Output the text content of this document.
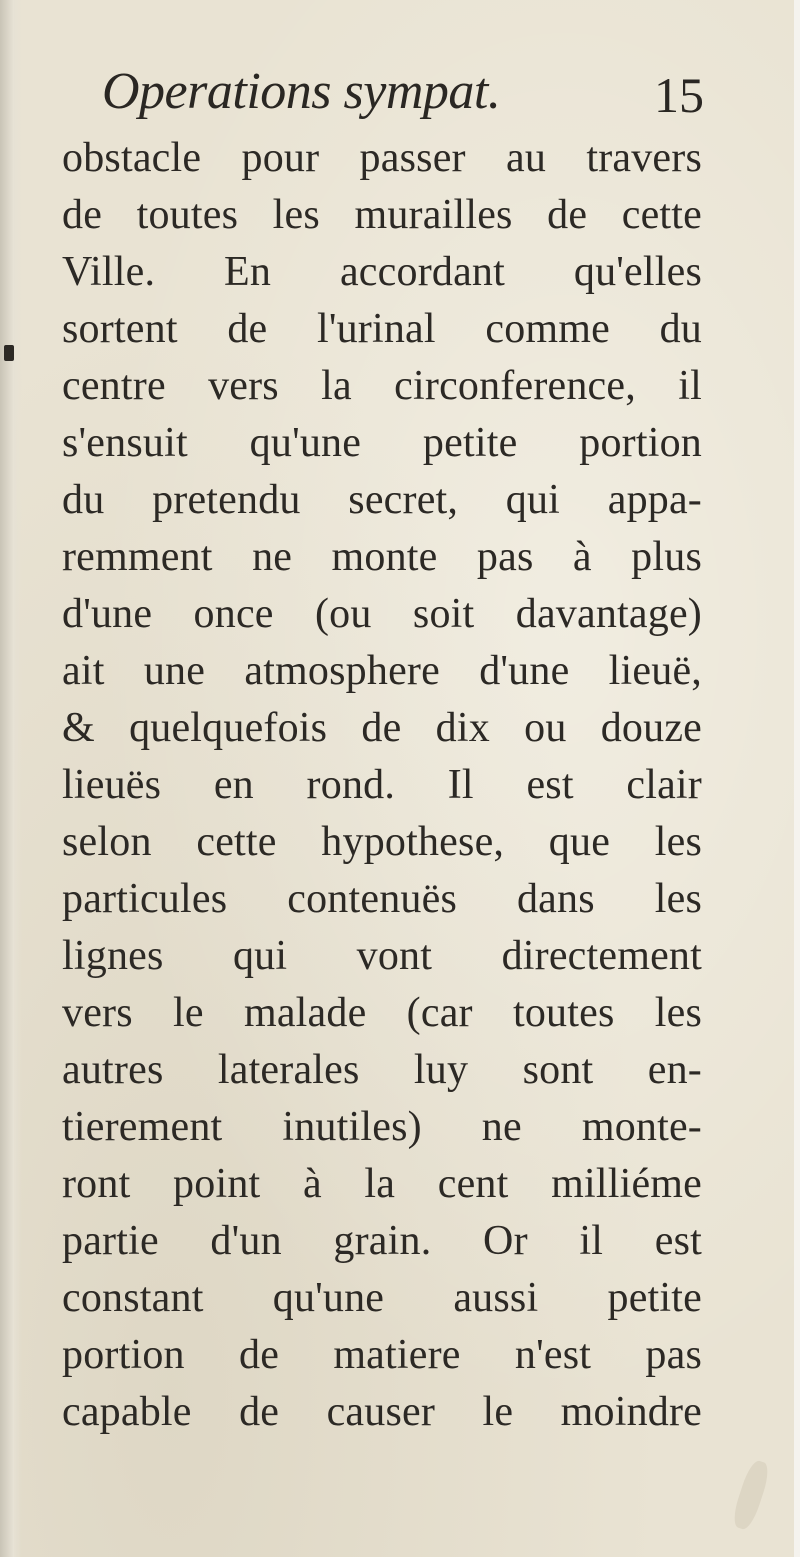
Operations sympat.	15
obstacle pour passer au travers
de toutes les murailles de cette
Ville. En accordant qu'elles
sortent de l'urinal comme du
centre vers la circonference, il
s'ensuit qu'une petite portion
du pretendu secret, qui appa-
remment ne monte pas à plus
d'une once (ou soit davantage)
ait une atmosphere d'une lieuë,
& quelquefois de dix ou douze
lieuës en rond. Il est clair
selon cette hypothese, que les
particules contenuës dans les
lignes qui vont directement
vers le malade (car toutes les
autres laterales luy sont en-
tierement inutiles) ne monte-
ront point à la cent milliéme
partie d'un grain. Or il est
constant qu'une aussi petite
portion de matiere n'est pas
capable de causer le moindre
